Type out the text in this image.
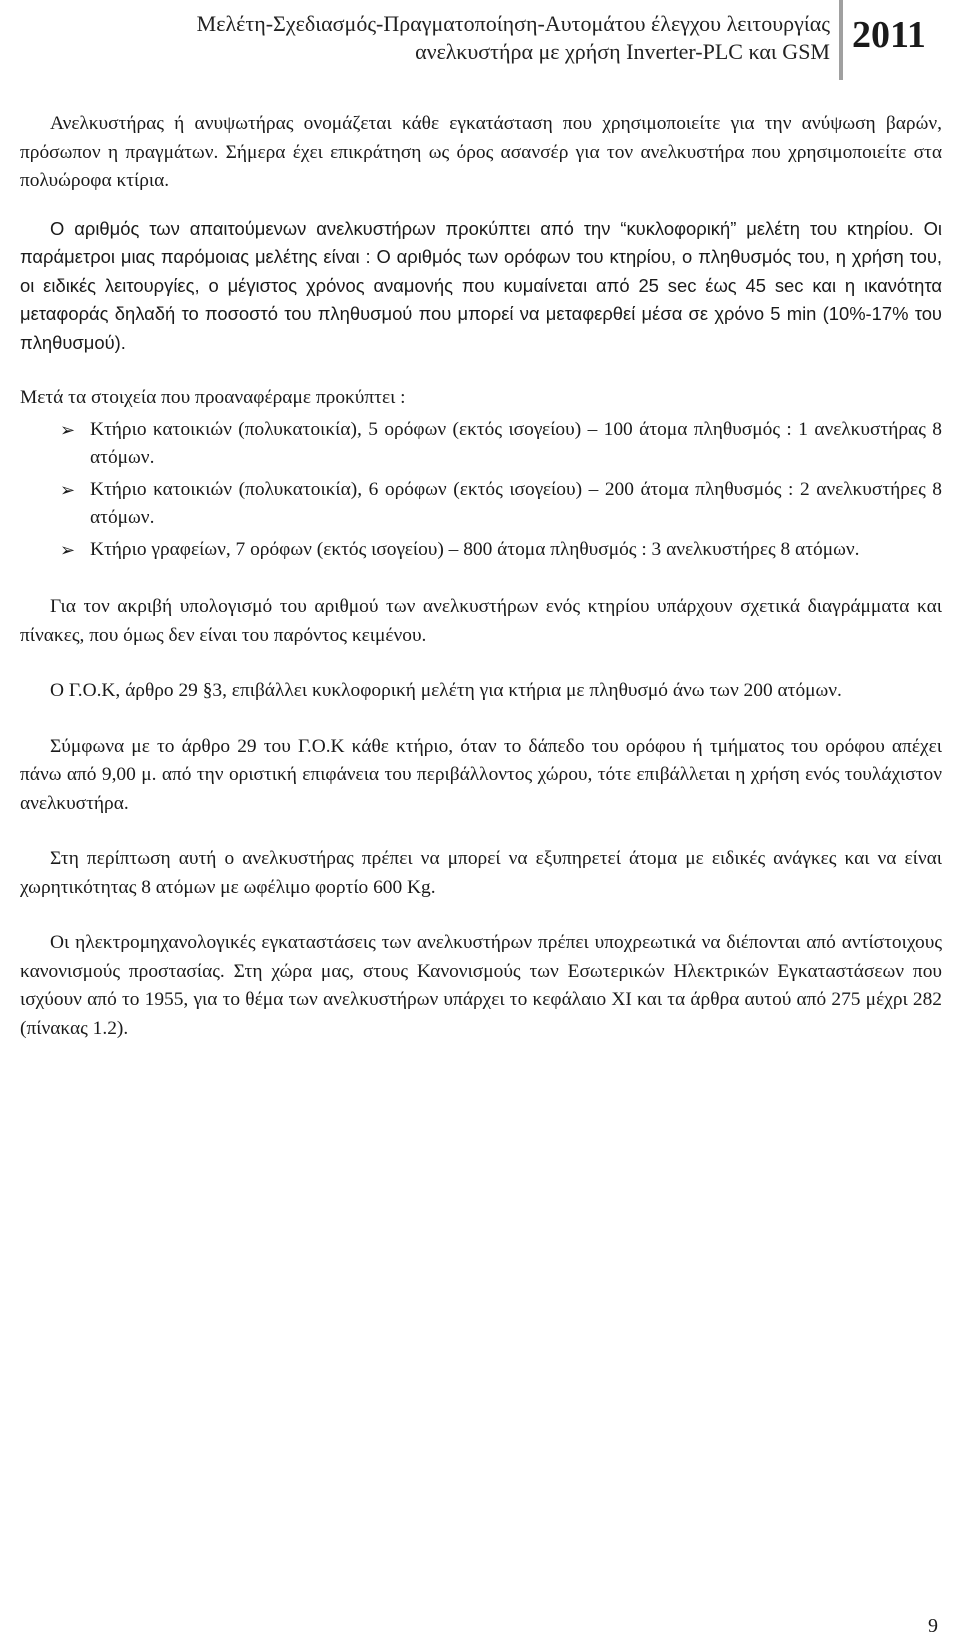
Μελέτη-Σχεδιασμός-Πραγματοποίηση-Αυτομάτου έλεγχου λειτουργίας
ανελκυστήρα με χρήση Inverter-PLC και GSM 2011

Ανελκυστήρας ή ανυψωτήρας ονομάζεται κάθε εγκατάσταση που χρησιμοποιείτε για την ανύψωση βαρών, πρόσωπον η πραγμάτων. Σήμερα έχει επικράτηση ως όρος ασανσέρ για τον ανελκυστήρα που χρησιμοποιείτε στα πολυώροφα κτίρια.

Ο αριθμός των απαιτούμενων ανελκυστήρων προκύπτει από την “κυκλοφορική” μελέτη του κτηρίου. Οι παράμετροι μιας παρόμοιας μελέτης είναι : Ο αριθμός των ορόφων του κτηρίου, ο πληθυσμός του, η χρήση του, οι ειδικές λειτουργίες, ο μέγιστος χρόνος αναμονής που κυμαίνεται από 25 sec έως 45 sec και η ικανότητα μεταφοράς δηλαδή το ποσοστό του πληθυσμού που μπορεί να μεταφερθεί μέσα σε χρόνο 5 min (10%-17% του πληθυσμού).

Μετά τα στοιχεία που προαναφέραμε προκύπτει :

➢ Κτήριο κατοικιών (πολυκατοικία), 5 ορόφων (εκτός ισογείου) – 100 άτομα πληθυσμός : 1 ανελκυστήρας 8 ατόμων.
➢ Κτήριο κατοικιών (πολυκατοικία), 6 ορόφων (εκτός ισογείου) – 200 άτομα πληθυσμός : 2 ανελκυστήρες 8 ατόμων.
➢ Κτήριο γραφείων, 7 ορόφων (εκτός ισογείου) – 800 άτομα πληθυσμός : 3 ανελκυστήρες 8 ατόμων.

Για τον ακριβή υπολογισμό του αριθμού των ανελκυστήρων ενός κτηρίου υπάρχουν σχετικά διαγράμματα και πίνακες, που όμως δεν είναι του παρόντος κειμένου.

Ο Γ.Ο.Κ, άρθρο 29 §3, επιβάλλει κυκλοφορική μελέτη για κτήρια με πληθυσμό άνω των 200 ατόμων.

Σύμφωνα με το άρθρο 29 του Γ.Ο.Κ κάθε κτήριο, όταν το δάπεδο του ορόφου ή τμήματος του ορόφου απέχει πάνω από 9,00 μ. από την οριστική επιφάνεια του περιβάλλοντος χώρου, τότε επιβάλλεται η χρήση ενός τουλάχιστον ανελκυστήρα.

Στη περίπτωση αυτή ο ανελκυστήρας πρέπει να μπορεί να εξυπηρετεί άτομα με ειδικές ανάγκες και να είναι χωρητικότητας 8 ατόμων με ωφέλιμο φορτίο 600 Kg.

Οι ηλεκτρομηχανολογικές εγκαταστάσεις των ανελκυστήρων πρέπει υποχρεωτικά να διέπονται από αντίστοιχους κανονισμούς προστασίας. Στη χώρα μας, στους Κανονισμούς των Εσωτερικών Ηλεκτρικών Εγκαταστάσεων που ισχύουν από το 1955, για το θέμα των ανελκυστήρων υπάρχει το κεφάλαιο ΧΙ και τα άρθρα αυτού από 275 μέχρι 282 (πίνακας 1.2).

9
